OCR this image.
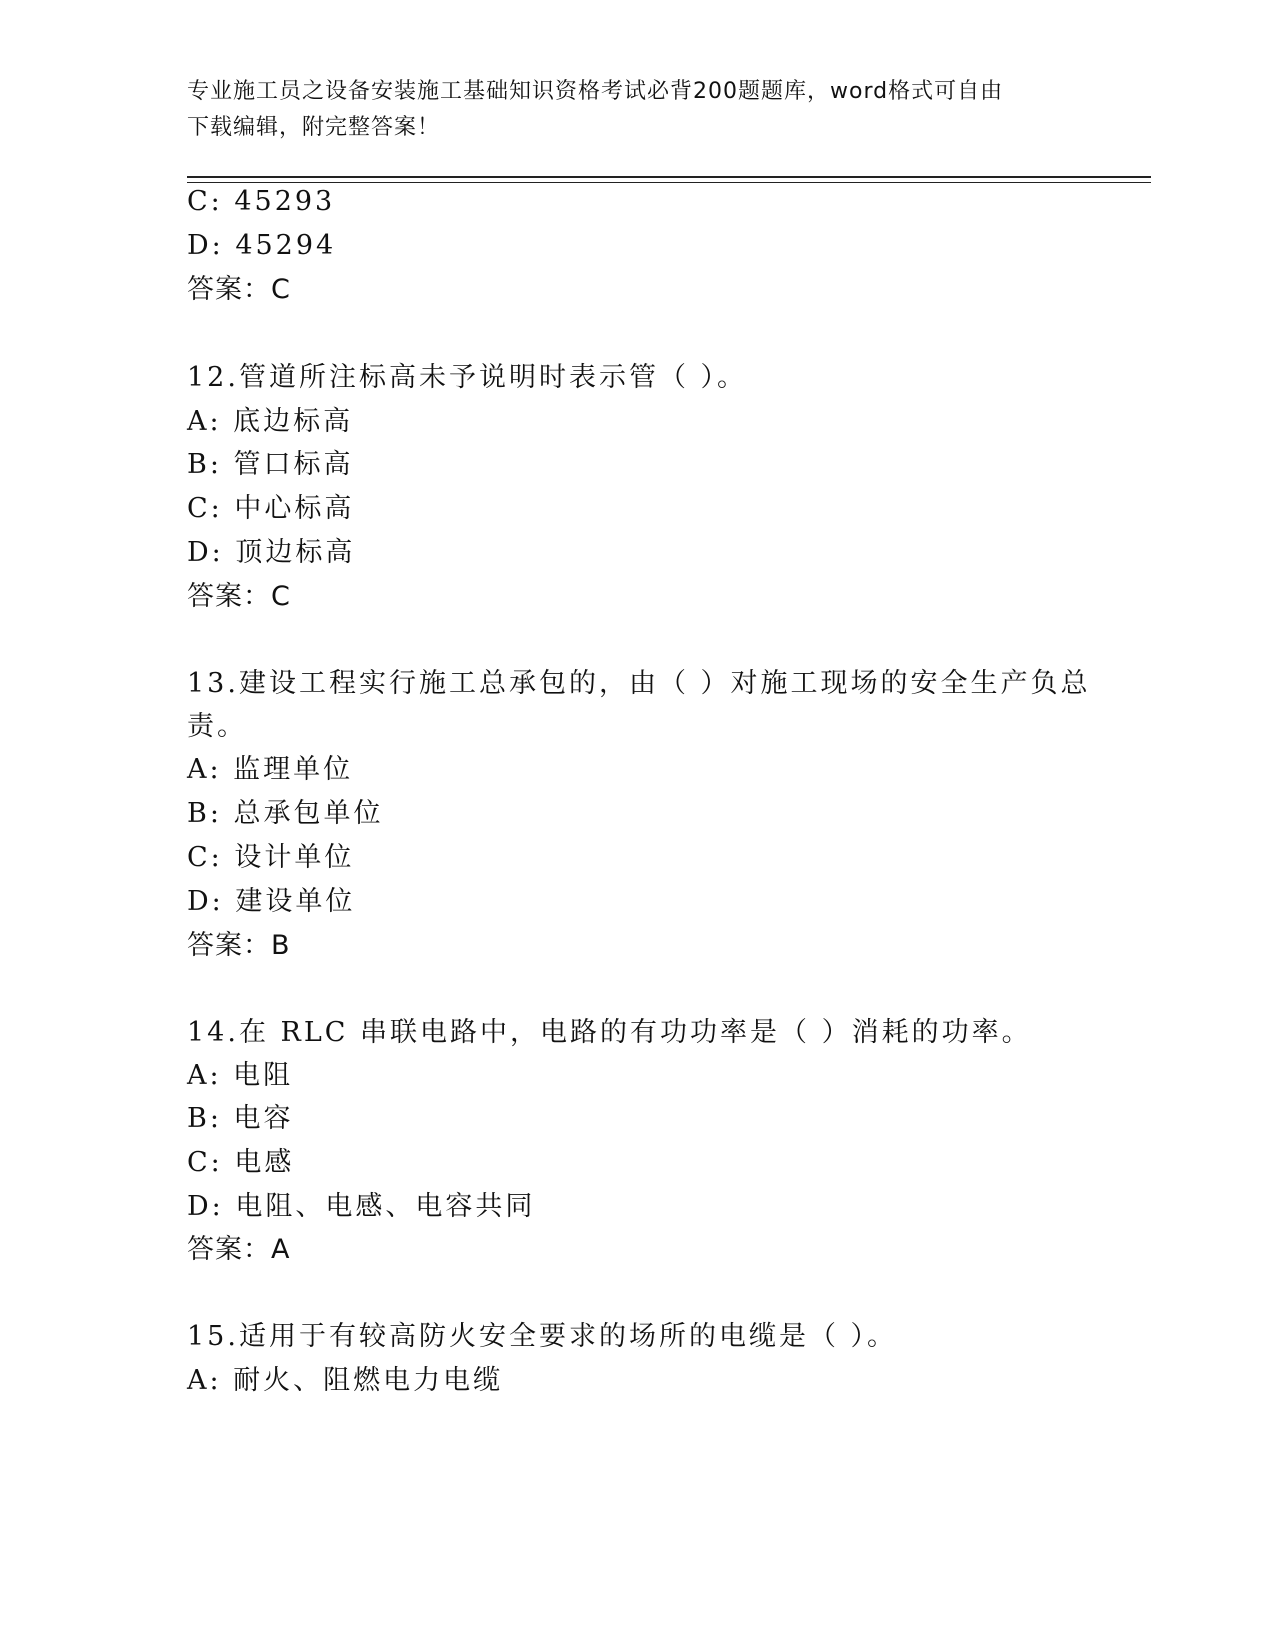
专业施工员之设备安装施工基础知识资格考试必背200题题库，word格式可自由
下载编辑，附完整答案！
C: 45293
D: 45294
答案：C
12.管道所注标高未予说明时表示管（ ）。
A: 底边标高
B: 管口标高
C: 中心标高
D: 顶边标高
答案：C
13.建设工程实行施工总承包的，由（ ）对施工现场的安全生产负总
责。
A: 监理单位
B: 总承包单位
C: 设计单位
D: 建设单位
答案：B
14.在 RLC 串联电路中，电路的有功功率是（ ）消耗的功率。
A: 电阻
B: 电容
C: 电感
D: 电阻、电感、电容共同
答案：A
15.适用于有较高防火安全要求的场所的电缆是（ ）。
A: 耐火、阻燃电力电缆
